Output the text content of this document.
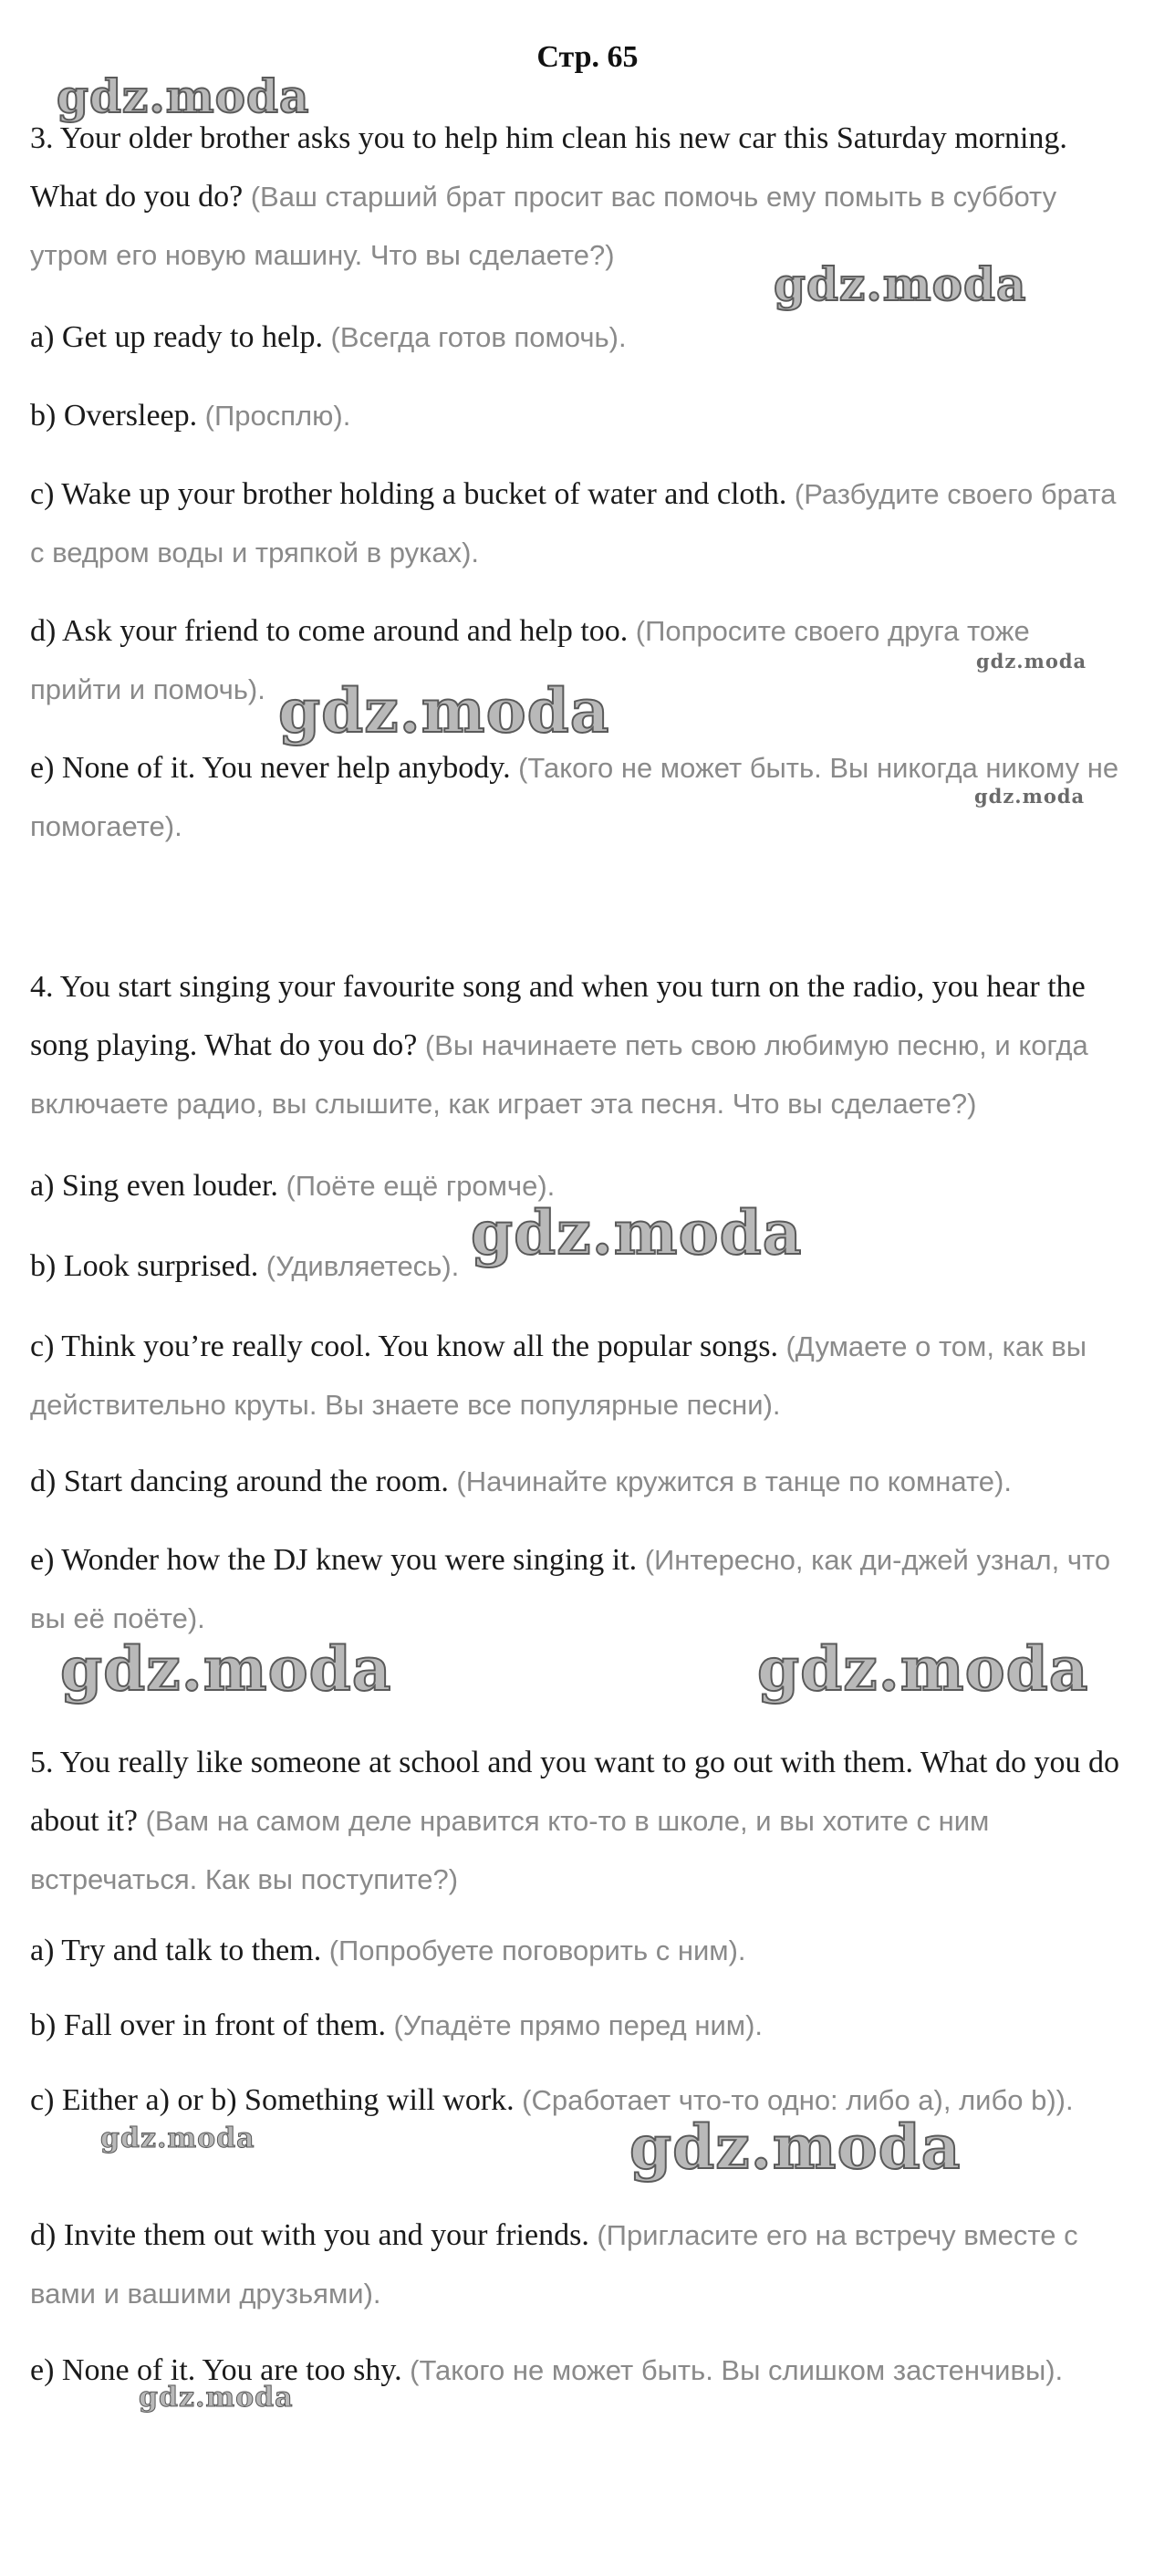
Стр. 65

3. Your older brother asks you to help him clean his new car this Saturday morning. What do you do? (Ваш старший брат просит вас помочь ему помыть в субботу утром его новую машину. Что вы сделаете?)

a) Get up ready to help. (Всегда готов помочь).

b) Oversleep. (Просплю).

c) Wake up your brother holding a bucket of water and cloth. (Разбудите своего брата с ведром воды и тряпкой в руках).

d) Ask your friend to come around and help too. (Попросите своего друга тоже прийти и помочь).

e) None of it. You never help anybody. (Такого не может быть. Вы никогда никому не помогаете).

4. You start singing your favourite song and when you turn on the radio, you hear the song playing. What do you do? (Вы начинаете петь свою любимую песню, и когда включаете радио, вы слышите, как играет эта песня. Что вы сделаете?)

a) Sing even louder. (Поёте ещё громче).

b) Look surprised. (Удивляетесь).

c) Think you’re really cool. You know all the popular songs. (Думаете о том, как вы действительно круты. Вы знаете все популярные песни).

d) Start dancing around the room. (Начинайте кружится в танце по комнате).

e) Wonder how the DJ knew you were singing it. (Интересно, как ди-джей узнал, что вы её поёте).

5. You really like someone at school and you want to go out with them. What do you do about it? (Вам на самом деле нравится кто-то в школе, и вы хотите с ним встречаться. Как вы поступите?)

a) Try and talk to them. (Попробуете поговорить с ним).

b) Fall over in front of them. (Упадёте прямо перед ним).

c) Either a) or b) Something will work. (Сработает что-то одно: либо а), либо b)).

d) Invite them out with you and your friends. (Пригласите его на встречу вместе с вами и вашими друзьями).

e) None of it. You are too shy. (Такого не может быть. Вы слишком застенчивы).

gdz.moda
gdz.moda
gdz.moda
gdz.moda
gdz.moda
gdz.moda
gdz.moda	gdz.moda
gdz.moda	gdz.moda
gdz.moda
